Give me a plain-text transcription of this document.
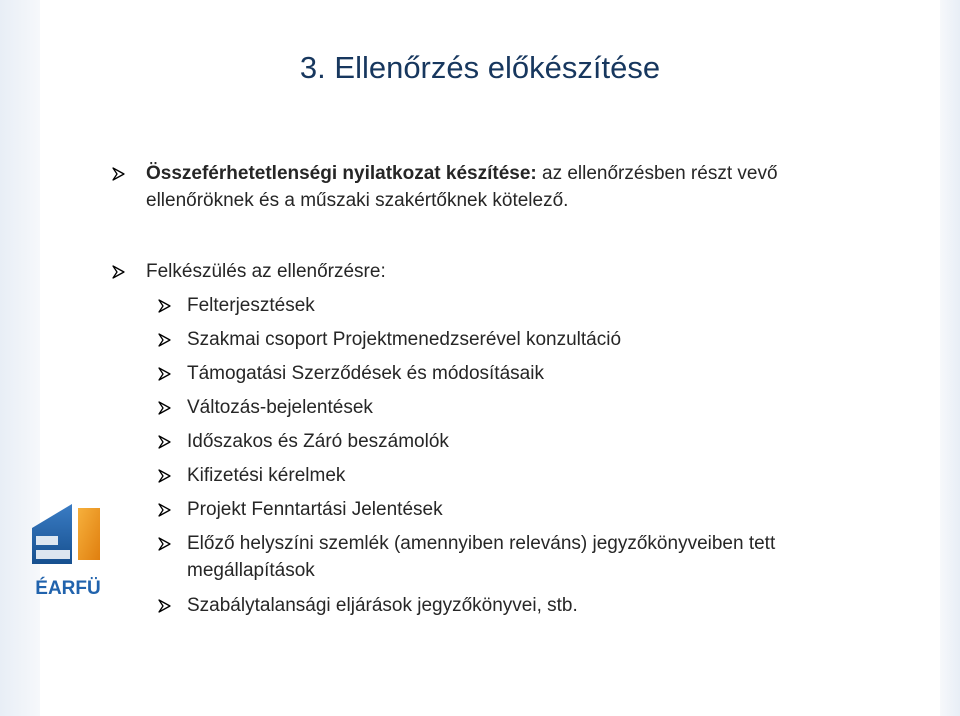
3. Ellenőrzés előkészítése
Összeférhetetlenségi nyilatkozat készítése: az ellenőrzésben részt vevő ellenőröknek és a műszaki szakértőknek kötelező.
Felkészülés az ellenőrzésre:
Felterjesztések
Szakmai csoport Projektmenedzserével konzultáció
Támogatási Szerződések és módosításaik
Változás-bejelentések
Időszakos és Záró beszámolók
Kifizetési kérelmek
Projekt Fenntartási Jelentések
Előző helyszíni szemlék (amennyiben releváns) jegyzőkönyveiben tett megállapítások
Szabálytalansági eljárások jegyzőkönyvei, stb.
ÉARFÜ
